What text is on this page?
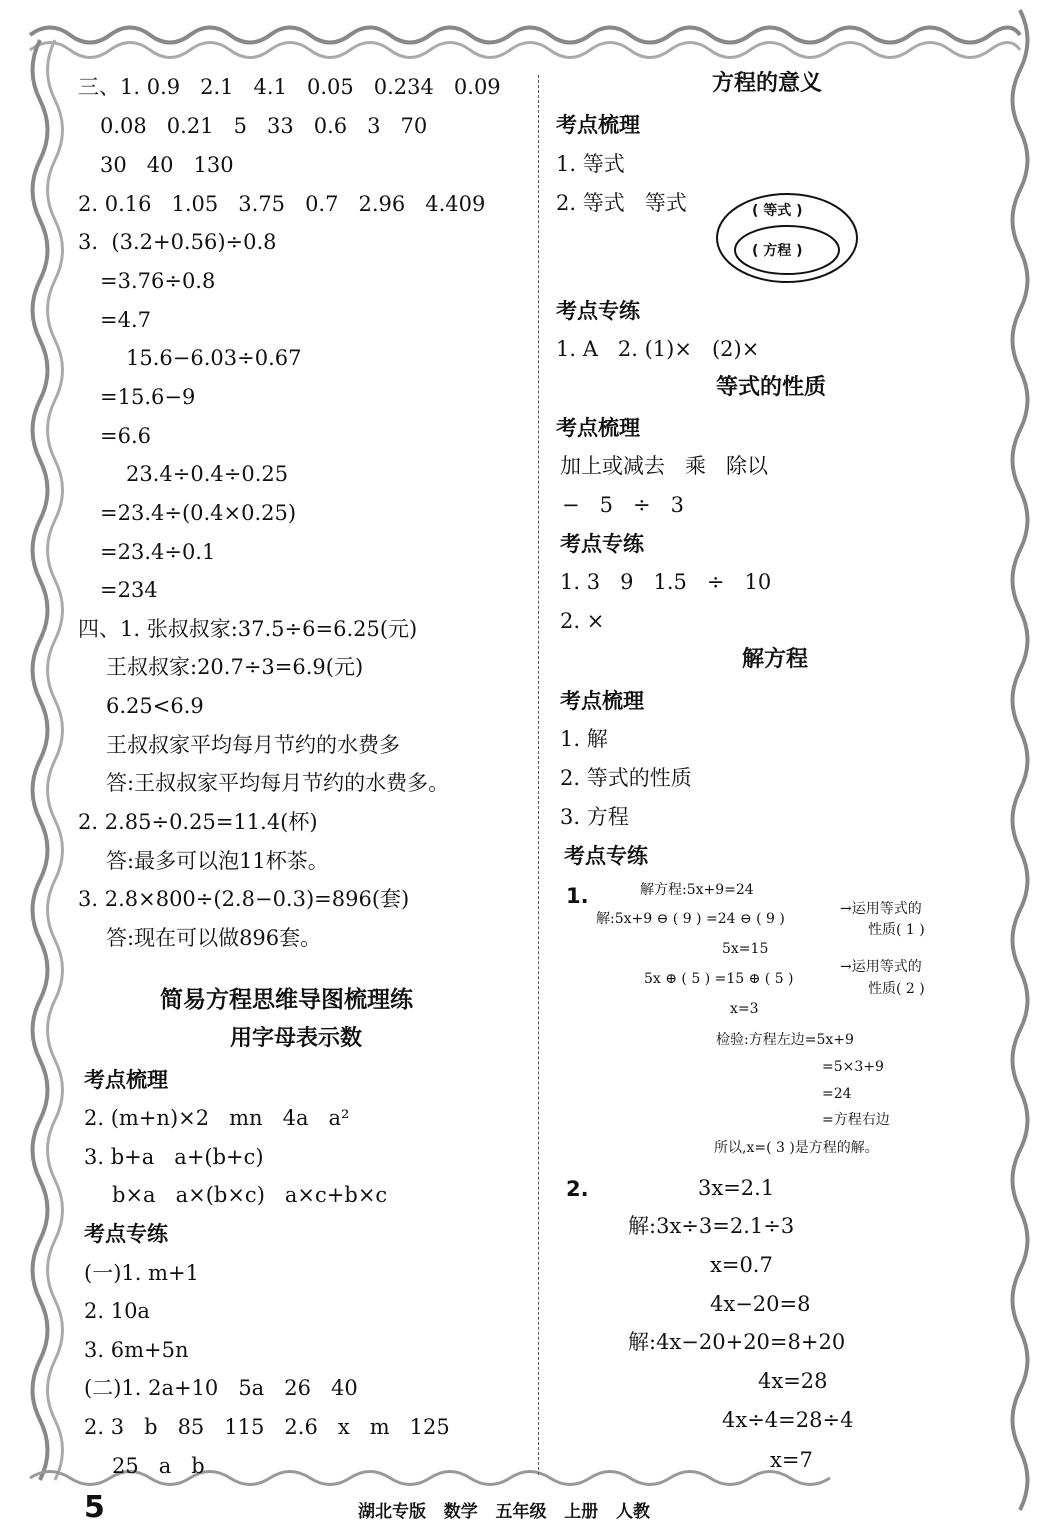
三、1. 0.9   2.1   4.1   0.05   0.234   0.09
0.08   0.21   5   33   0.6   3   70
30   40   130
2. 0.16   1.05   3.75   0.7   2.96   4.409
3.  (3.2+0.56)÷0.8
=3.76÷0.8
=4.7
15.6−6.03÷0.67
=15.6−9
=6.6
23.4÷0.4÷0.25
=23.4÷(0.4×0.25)
=23.4÷0.1
=234
四、1. 张叔叔家:37.5÷6=6.25(元)
王叔叔家:20.7÷3=6.9(元)
6.25<6.9
王叔叔家平均每月节约的水费多
答:王叔叔家平均每月节约的水费多。
2. 2.85÷0.25=11.4(杯)
答:最多可以泡11杯茶。
3. 2.8×800÷(2.8−0.3)=896(套)
答:现在可以做896套。
简易方程思维导图梳理练
用字母表示数
考点梳理
2. (m+n)×2   mn   4a   a²
3. b+a   a+(b+c)
b×a   a×(b×c)   a×c+b×c
考点专练
(一)1. m+1
2. 10a
3. 6m+5n
(二)1. 2a+10   5a   26   40
2. 3   b   85   115   2.6   x   m   125
25   a   b
方程的意义
考点梳理
1. 等式
2. 等式   等式	( 等式 )
( 方程 )
考点专练
1. A   2. (1)×   (2)×
等式的性质
考点梳理
加上或减去   乘   除以
−   5   ÷   3
考点专练
1. 3   9   1.5   ÷   10
2. ×
解方程
考点梳理
1. 解
2. 等式的性质
3. 方程
考点专练
1.	解方程:5x+9=24
解:5x+9 ⊖ ( 9 ) =24 ⊖ ( 9 )
→运用等式的
性质( 1 )
5x=15
5x ⊕ ( 5 ) =15 ⊕ ( 5 )
→运用等式的
性质( 2 )
x=3
检验:方程左边=5x+9
=5×3+9
=24
=方程右边
所以,x=( 3 )是方程的解。
2.	3x=2.1
解:3x÷3=2.1÷3
x=0.7
4x−20=8
解:4x−20+20=8+20
4x=28
4x÷4=28÷4
x=7
5	湖北专版   数学   五年级   上册   人教
